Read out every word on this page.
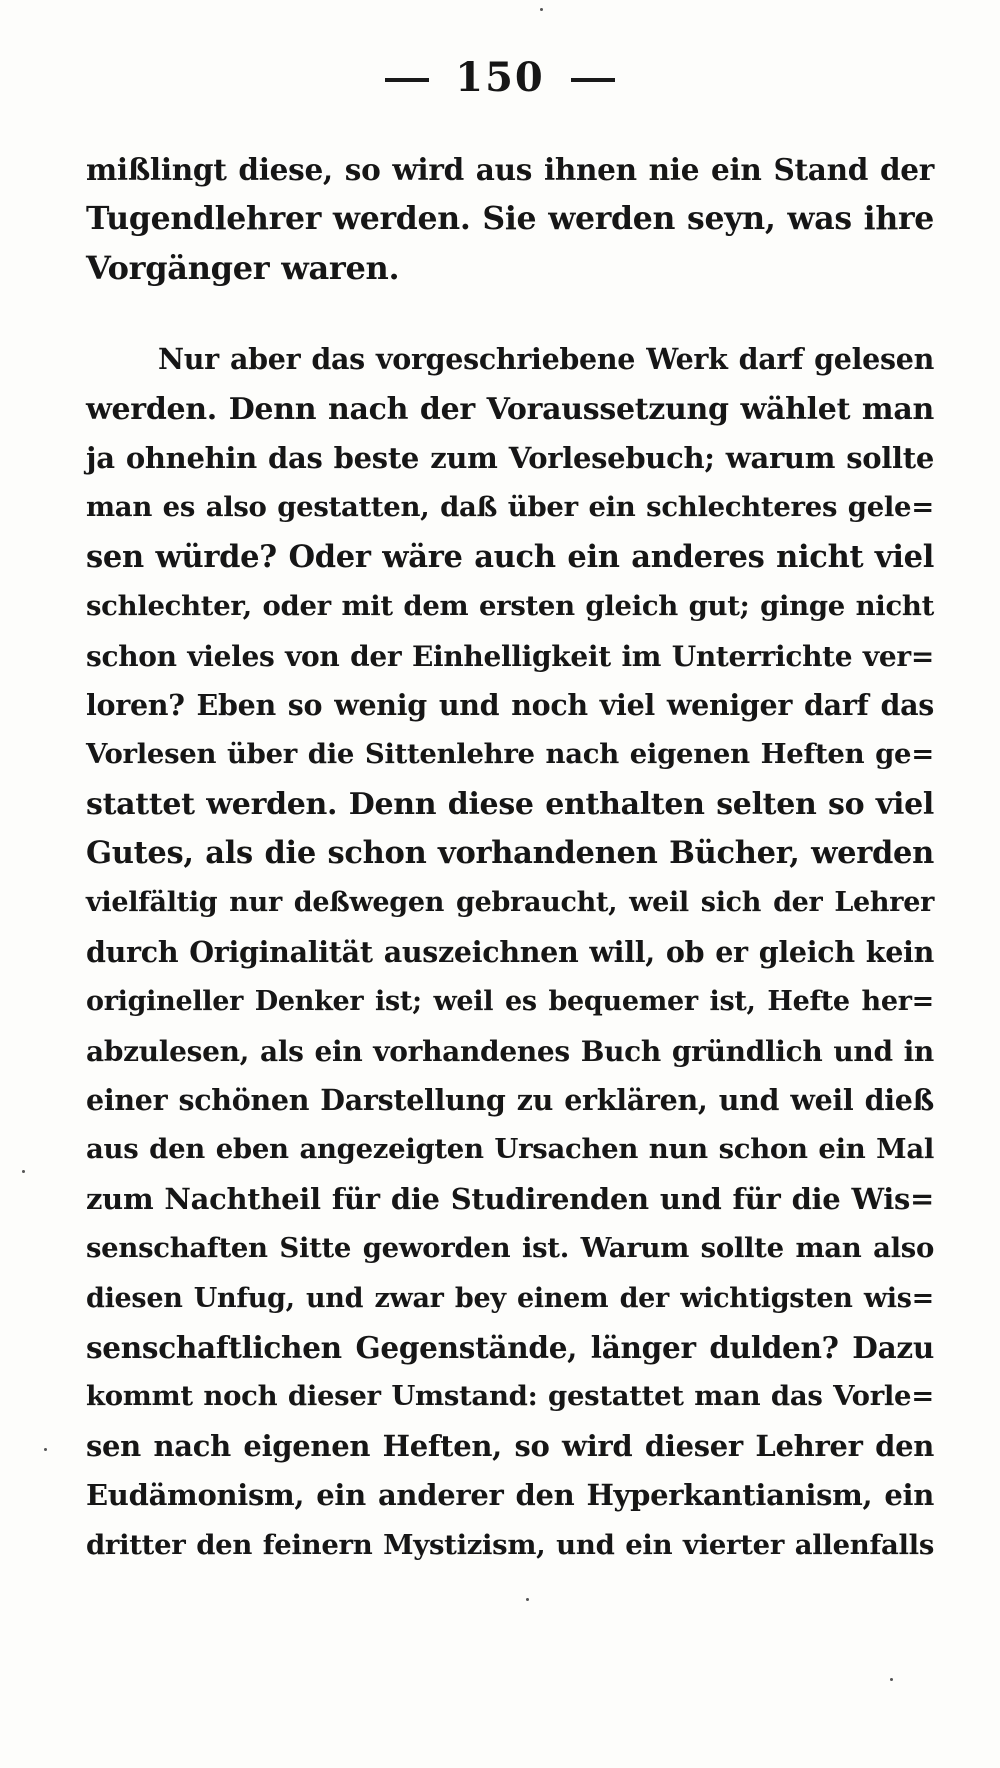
150
mißlingt diese, so wird aus ihnen nie ein Stand der
Tugendlehrer werden. Sie werden seyn, was ihre
Vorgänger waren.
Nur aber das vorgeschriebene Werk darf gelesen
werden. Denn nach der Voraussetzung wählet man
ja ohnehin das beste zum Vorlesebuch; warum sollte
man es also gestatten, daß über ein schlechteres gele=
sen würde? Oder wäre auch ein anderes nicht viel
schlechter, oder mit dem ersten gleich gut; ginge nicht
schon vieles von der Einhelligkeit im Unterrichte ver=
loren? Eben so wenig und noch viel weniger darf das
Vorlesen über die Sittenlehre nach eigenen Heften ge=
stattet werden. Denn diese enthalten selten so viel
Gutes, als die schon vorhandenen Bücher, werden
vielfältig nur deßwegen gebraucht, weil sich der Lehrer
durch Originalität auszeichnen will, ob er gleich kein
origineller Denker ist; weil es bequemer ist, Hefte her=
abzulesen, als ein vorhandenes Buch gründlich und in
einer schönen Darstellung zu erklären, und weil dieß
aus den eben angezeigten Ursachen nun schon ein Mal
zum Nachtheil für die Studirenden und für die Wis=
senschaften Sitte geworden ist. Warum sollte man also
diesen Unfug, und zwar bey einem der wichtigsten wis=
senschaftlichen Gegenstände, länger dulden? Dazu
kommt noch dieser Umstand: gestattet man das Vorle=
sen nach eigenen Heften, so wird dieser Lehrer den
Eudämonism, ein anderer den Hyperkantianism, ein
dritter den feinern Mystizism, und ein vierter allenfalls
